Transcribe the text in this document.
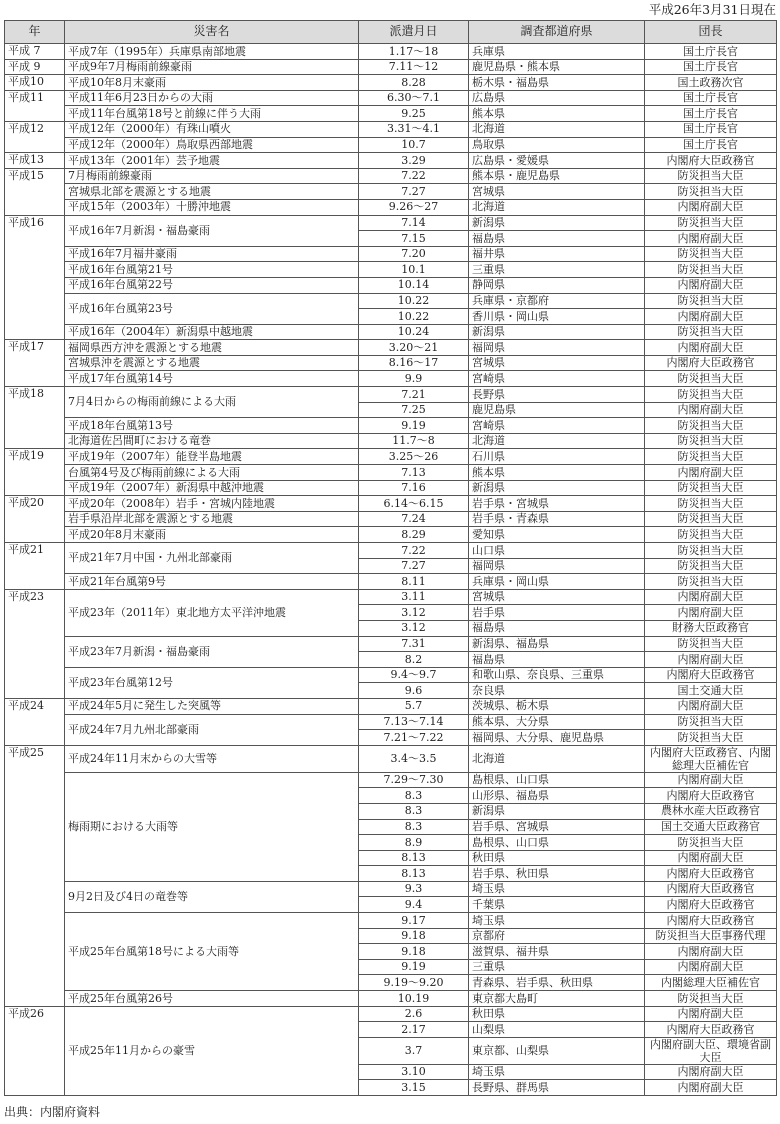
平成26年3月31日現在
年	災害名	派遣月日	調査都道府県	団長
平成 7	平成7年（1995年）兵庫県南部地震	1.17〜18	兵庫県	国土庁長官
平成 9	平成9年7月梅雨前線豪雨	7.11〜12	鹿児島県・熊本県	国土庁長官
平成10	平成10年8月末豪雨	8.28	栃木県・福島県	国土政務次官
平成11	平成11年6月23日からの大雨	6.30〜7.1	広島県	国土庁長官
	平成11年台風第18号と前線に伴う大雨	9.25	熊本県	国土庁長官
平成12	平成12年（2000年）有珠山噴火	3.31〜4.1	北海道	国土庁長官
	平成12年（2000年）鳥取県西部地震	10.7	鳥取県	国土庁長官
平成13	平成13年（2001年）芸予地震	3.29	広島県・愛媛県	内閣府大臣政務官
平成15	7月梅雨前線豪雨	7.22	熊本県・鹿児島県	防災担当大臣
	宮城県北部を震源とする地震	7.27	宮城県	防災担当大臣
	平成15年（2003年）十勝沖地震	9.26〜27	北海道	内閣府副大臣
平成16	平成16年7月新潟・福島豪雨	7.14	新潟県	防災担当大臣
		7.15	福島県	内閣府副大臣
	平成16年7月福井豪雨	7.20	福井県	防災担当大臣
	平成16年台風第21号	10.1	三重県	防災担当大臣
	平成16年台風第22号	10.14	静岡県	内閣府副大臣
	平成16年台風第23号	10.22	兵庫県・京都府	防災担当大臣
		10.22	香川県・岡山県	内閣府副大臣
	平成16年（2004年）新潟県中越地震	10.24	新潟県	防災担当大臣
平成17	福岡県西方沖を震源とする地震	3.20〜21	福岡県	内閣府副大臣
	宮城県沖を震源とする地震	8.16〜17	宮城県	内閣府大臣政務官
	平成17年台風第14号	9.9	宮崎県	防災担当大臣
平成18	7月4日からの梅雨前線による大雨	7.21	長野県	防災担当大臣
		7.25	鹿児島県	内閣府副大臣
	平成18年台風第13号	9.19	宮崎県	防災担当大臣
	北海道佐呂間町における竜巻	11.7〜8	北海道	防災担当大臣
平成19	平成19年（2007年）能登半島地震	3.25〜26	石川県	防災担当大臣
	台風第4号及び梅雨前線による大雨	7.13	熊本県	内閣府副大臣
	平成19年（2007年）新潟県中越沖地震	7.16	新潟県	防災担当大臣
平成20	平成20年（2008年）岩手・宮城内陸地震	6.14〜6.15	岩手県・宮城県	防災担当大臣
	岩手県沿岸北部を震源とする地震	7.24	岩手県・青森県	防災担当大臣
	平成20年8月末豪雨	8.29	愛知県	防災担当大臣
平成21	平成21年7月中国・九州北部豪雨	7.22	山口県	防災担当大臣
		7.27	福岡県	防災担当大臣
	平成21年台風第9号	8.11	兵庫県・岡山県	防災担当大臣
平成23	平成23年（2011年）東北地方太平洋沖地震	3.11	宮城県	内閣府副大臣
		3.12	岩手県	内閣府副大臣
		3.12	福島県	財務大臣政務官
	平成23年7月新潟・福島豪雨	7.31	新潟県、福島県	防災担当大臣
		8.2	福島県	内閣府副大臣
	平成23年台風第12号	9.4〜9.7	和歌山県、奈良県、三重県	内閣府大臣政務官
		9.6	奈良県	国土交通大臣
平成24	平成24年5月に発生した突風等	5.7	茨城県、栃木県	内閣府副大臣
	平成24年7月九州北部豪雨	7.13〜7.14	熊本県、大分県	防災担当大臣
		7.21〜7.22	福岡県、大分県、鹿児島県	防災担当大臣
平成25	平成24年11月末からの大雪等	3.4〜3.5	北海道	内閣府大臣政務官、内閣総理大臣補佐官
	梅雨期における大雨等	7.29〜7.30	島根県、山口県	内閣府副大臣
		8.3	山形県、福島県	内閣府大臣政務官
		8.3	新潟県	農林水産大臣政務官
		8.3	岩手県、宮城県	国土交通大臣政務官
		8.9	島根県、山口県	防災担当大臣
		8.13	秋田県	内閣府副大臣
		8.13	岩手県、秋田県	内閣府大臣政務官
	9月2日及び4日の竜巻等	9.3	埼玉県	内閣府大臣政務官
		9.4	千葉県	内閣府大臣政務官
	平成25年台風第18号による大雨等	9.17	埼玉県	内閣府大臣政務官
		9.18	京都府	防災担当大臣事務代理
		9.18	滋賀県、福井県	内閣府副大臣
		9.19	三重県	内閣府副大臣
		9.19〜9.20	青森県、岩手県、秋田県	内閣総理大臣補佐官
	平成25年台風第26号	10.19	東京都大島町	防災担当大臣
平成26	平成25年11月からの豪雪	2.6	秋田県	内閣府副大臣
		2.17	山梨県	内閣府大臣政務官
		3.7	東京都、山梨県	内閣府副大臣、環境省副大臣
		3.10	埼玉県	内閣府副大臣
		3.15	長野県、群馬県	内閣府副大臣
出典：内閣府資料
